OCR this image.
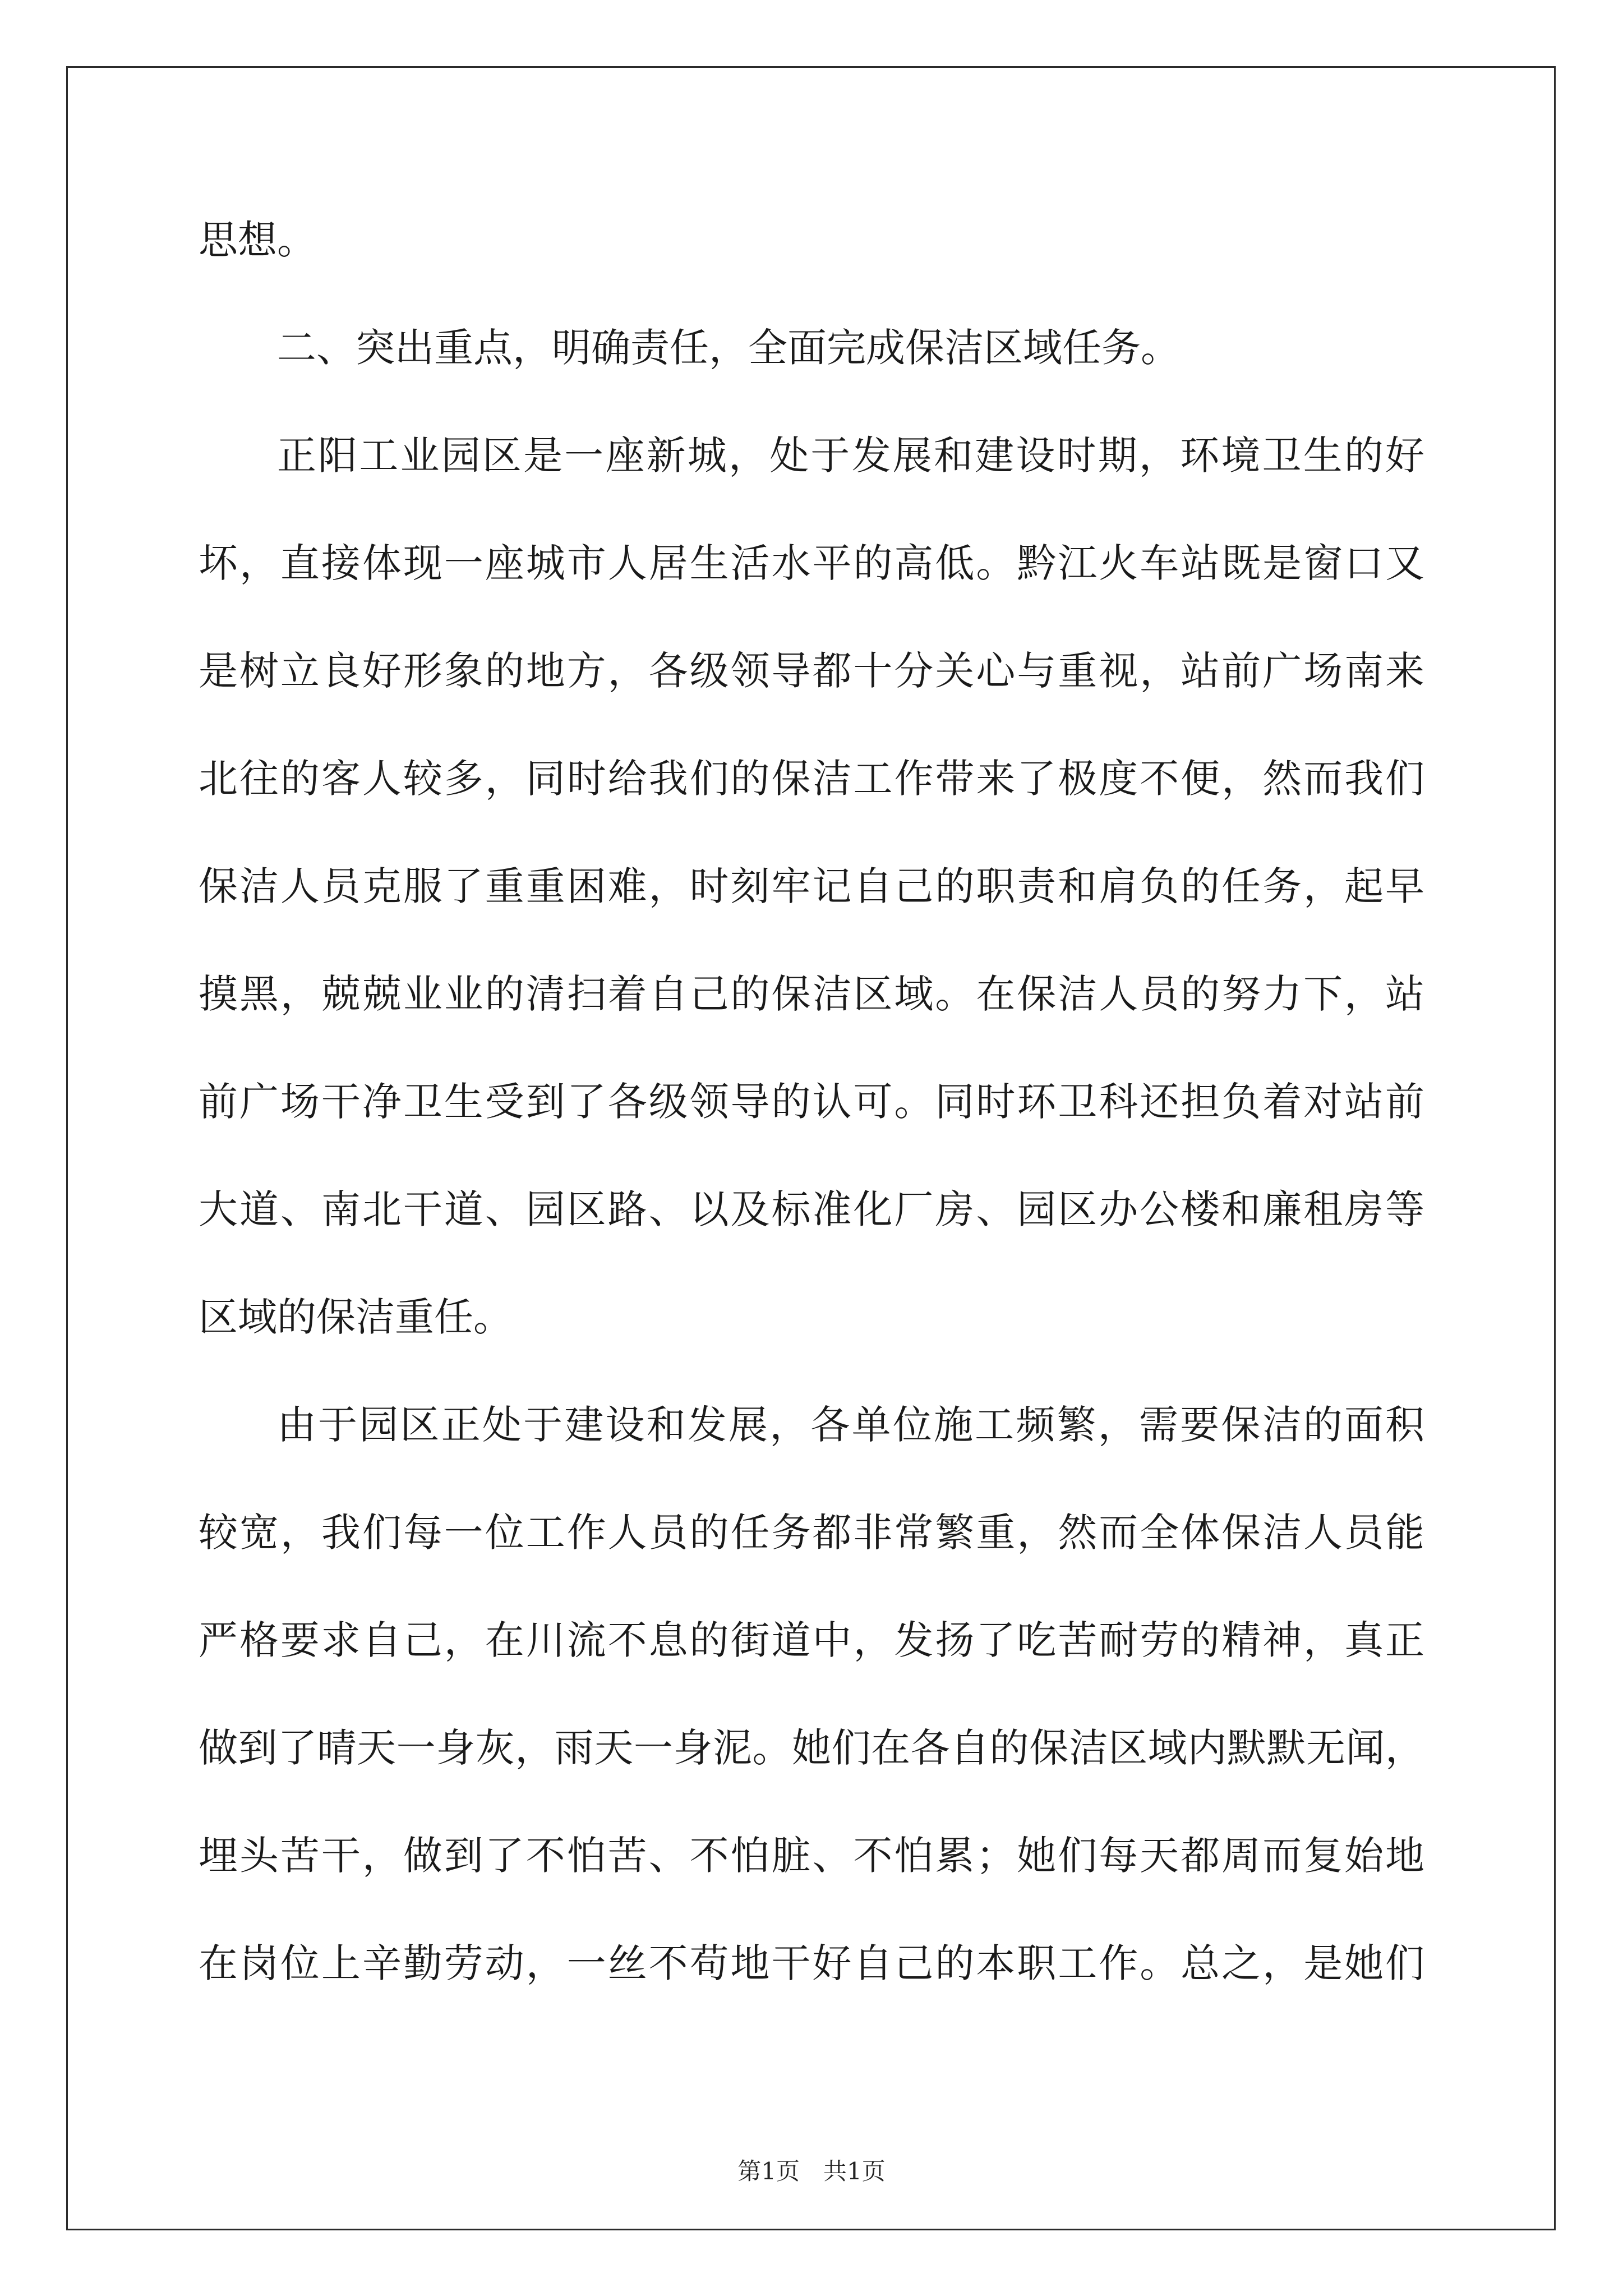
思想。
二、突出重点，明确责任，全面完成保洁区域任务。
正阳工业园区是一座新城，处于发展和建设时期，环境卫生的好
坏，直接体现一座城市人居生活水平的高低。黔江火车站既是窗口又
是树立良好形象的地方，各级领导都十分关心与重视，站前广场南来
北往的客人较多，同时给我们的保洁工作带来了极度不便，然而我们
保洁人员克服了重重困难，时刻牢记自己的职责和肩负的任务，起早
摸黑，兢兢业业的清扫着自己的保洁区域。在保洁人员的努力下，站
前广场干净卫生受到了各级领导的认可。同时环卫科还担负着对站前
大道、南北干道、园区路、以及标准化厂房、园区办公楼和廉租房等
区域的保洁重任。
由于园区正处于建设和发展，各单位施工频繁，需要保洁的面积
较宽，我们每一位工作人员的任务都非常繁重，然而全体保洁人员能
严格要求自己，在川流不息的街道中，发扬了吃苦耐劳的精神，真正
做到了晴天一身灰，雨天一身泥。她们在各自的保洁区域内默默无闻，
埋头苦干，做到了不怕苦、不怕脏、不怕累；她们每天都周而复始地
在岗位上辛勤劳动，一丝不苟地干好自己的本职工作。总之，是她们
第1页　共1页
